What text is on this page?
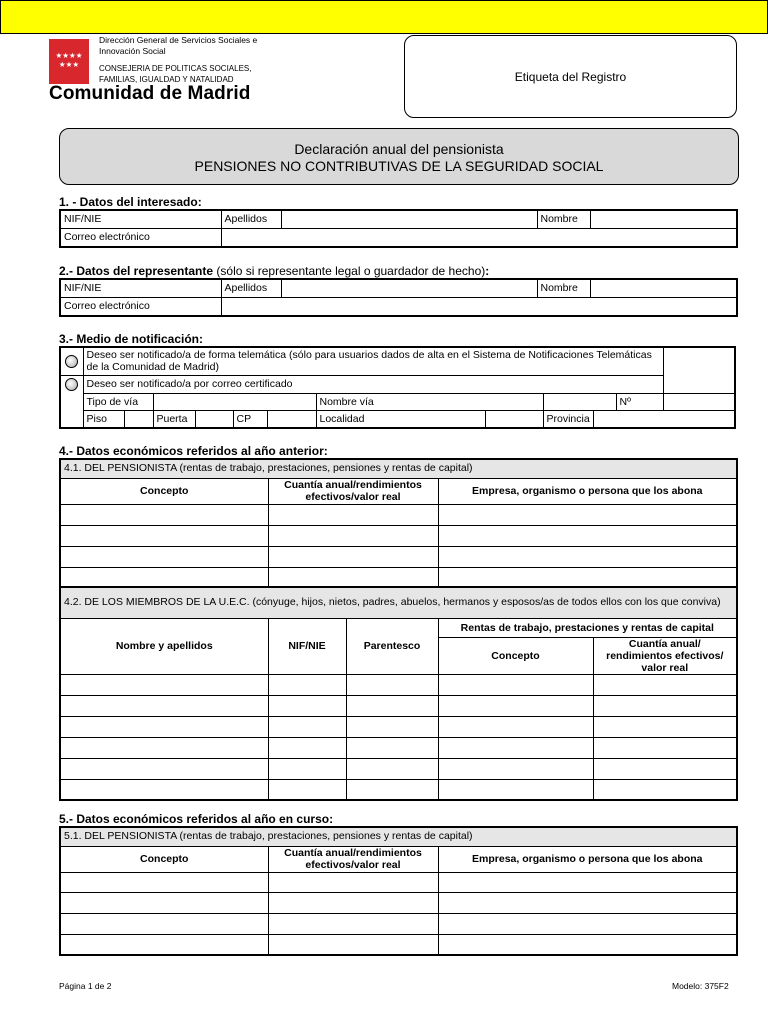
★★★★
★★★
Dirección General de Servicios Sociales e Innovación Social
CONSEJERIA DE POLITICAS SOCIALES, FAMILIAS, IGUALDAD Y NATALIDAD
Comunidad de Madrid
Etiqueta del Registro
Declaración anual del pensionista
PENSIONES NO CONTRIBUTIVAS DE LA SEGURIDAD SOCIAL
1. - Datos del interesado:
NIF/NIE	Apellidos		Nombre	
Correo electrónico				
2.- Datos del representante (sólo si representante legal o guardador de hecho):
NIF/NIE	Apellidos		Nombre	
Correo electrónico				
3.- Medio de notificación:
	Deseo ser notificado/a de forma telemática (sólo para usuarios dados de alta en el Sistema de Notificaciones Telemáticas de la Comunidad de Madrid)											
	Deseo ser notificado/a por correo certificado											
	Tipo de vía						Nombre vía				Nº	
	Piso		Puerta		CP		Localidad		Provincia			
4.- Datos económicos referidos al año anterior:
4.1. DEL PENSIONISTA (rentas de trabajo, prestaciones, pensiones y rentas de capital)		
Concepto	Cuantía anual/rendimientos efectivos/valor real	Empresa, organismo o persona que los abona

4.2. DE LOS MIEMBROS DE LA U.E.C. (cónyuge, hijos, nietos, padres, abuelos, hermanos y esposos/as de todos ellos con los que conviva)				
Nombre y apellidos	NIF/NIE	Parentesco	Rentas de trabajo, prestaciones y rentas de capital	
			Concepto	Cuantía anual/ rendimientos efectivos/ valor real

5.- Datos económicos referidos al año en curso:
5.1. DEL PENSIONISTA (rentas de trabajo, prestaciones, pensiones y rentas de capital)		
Concepto	Cuantía anual/rendimientos efectivos/valor real	Empresa, organismo o persona que los abona

Página 1 de 2	Modelo: 375F2
